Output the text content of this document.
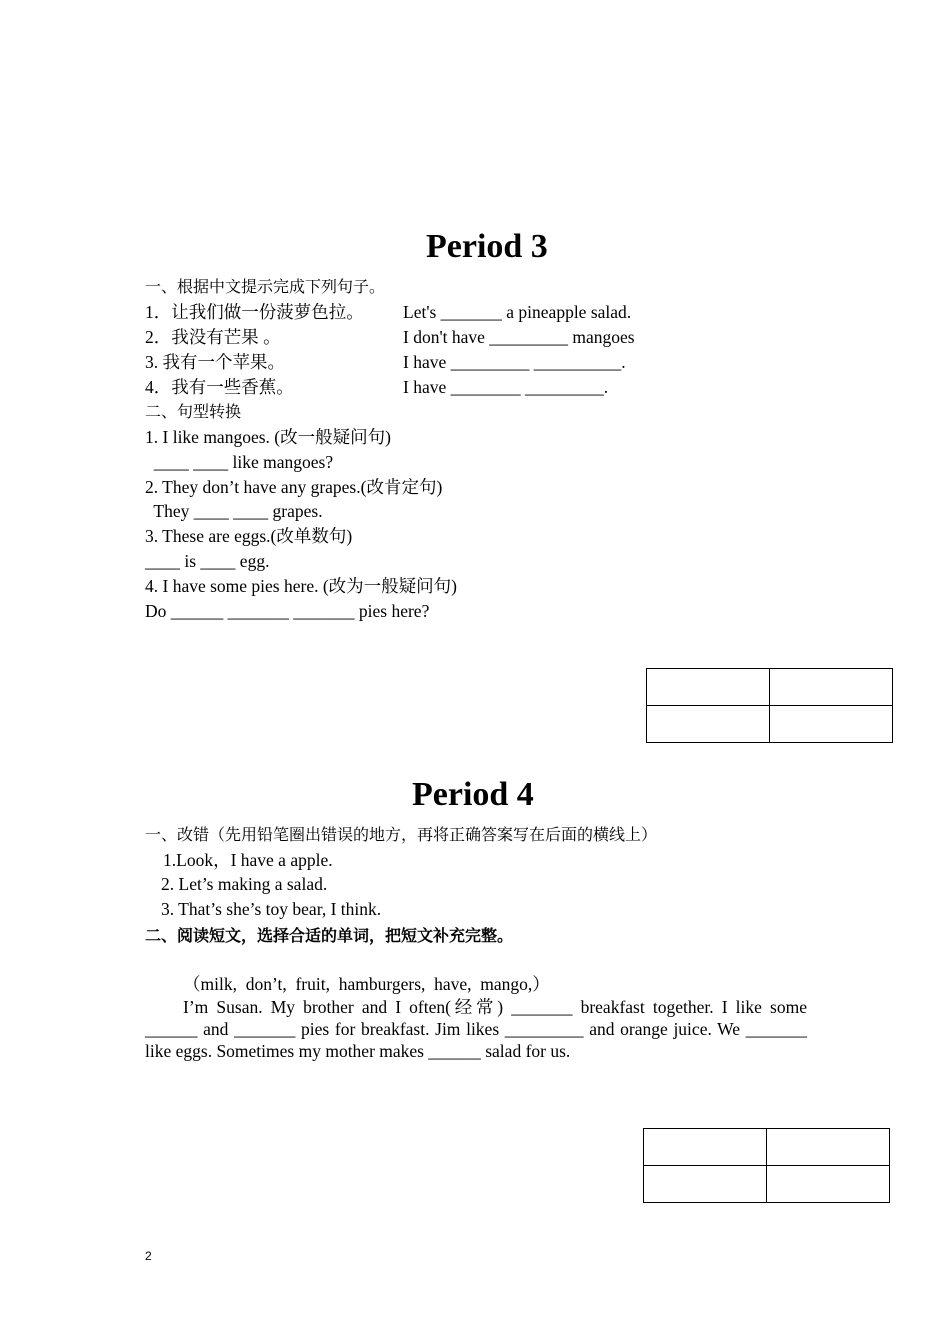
Period 3
一、根据中文提示完成下列句子。
1．让我们做一份菠萝色拉。 Let's _______ a pineapple salad.
2．我没有芒果 。	I don't have _________ mangoes
3. 我有一个苹果。	I have _________ __________.
4．我有一些香蕉。	I have ________ _________.
二、句型转换
1. I like mangoes. (改一般疑问句)
____ ____ like mangoes?
2. They don’t have any grapes.(改肯定句)
They ____ ____ grapes.
3. These are eggs.(改单数句)
____ is ____ egg.
4. I have some pies here. (改为一般疑问句)
Do ______ _______ _______ pies here?

Period 4
一、改错（先用铅笔圈出错误的地方，再将正确答案写在后面的横线上）
1.Look，I have a apple.
2. Let’s making a salad.
3. That’s she’s toy bear, I think.
二、阅读短文，选择合适的单词，把短文补充完整。
（milk,  don’t,  fruit,  hamburgers,  have,  mango,）
I’m Susan. My brother and I often(经常) _______ breakfast together. I like some ______ and _______ pies for breakfast. Jim likes _________ and orange juice. We _______ like eggs. Sometimes my mother makes ______ salad for us.

2
